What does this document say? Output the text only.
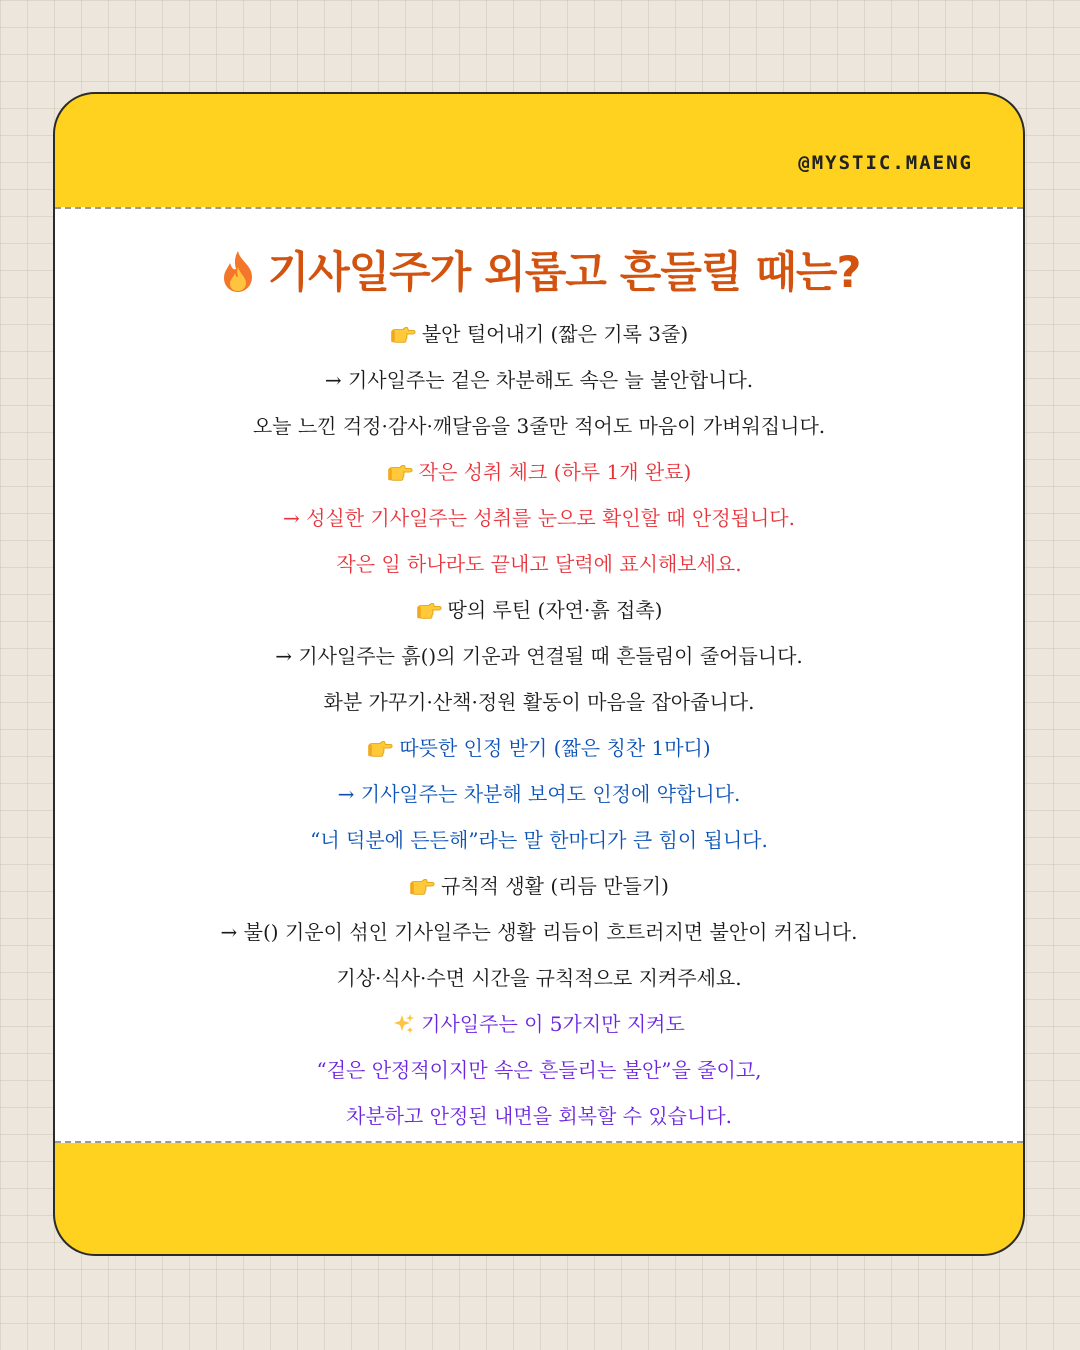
@MYSTIC.MAENG
기사일주가 외롭고 흔들릴 때는?
불안 털어내기 (짧은 기록 3줄)
→ 기사일주는 겉은 차분해도 속은 늘 불안합니다.
오늘 느낀 걱정·감사·깨달음을 3줄만 적어도 마음이 가벼워집니다.
작은 성취 체크 (하루 1개 완료)
→ 성실한 기사일주는 성취를 눈으로 확인할 때 안정됩니다.
작은 일 하나라도 끝내고 달력에 표시해보세요.
땅의 루틴 (자연·흙 접촉)
→ 기사일주는 흙()의 기운과 연결될 때 흔들림이 줄어듭니다.
화분 가꾸기·산책·정원 활동이 마음을 잡아줍니다.
따뜻한 인정 받기 (짧은 칭찬 1마디)
→ 기사일주는 차분해 보여도 인정에 약합니다.
“너 덕분에 든든해”라는 말 한마디가 큰 힘이 됩니다.
규칙적 생활 (리듬 만들기)
→ 불() 기운이 섞인 기사일주는 생활 리듬이 흐트러지면 불안이 커집니다.
기상·식사·수면 시간을 규칙적으로 지켜주세요.
기사일주는 이 5가지만 지켜도
“겉은 안정적이지만 속은 흔들리는 불안”을 줄이고,
차분하고 안정된 내면을 회복할 수 있습니다.
